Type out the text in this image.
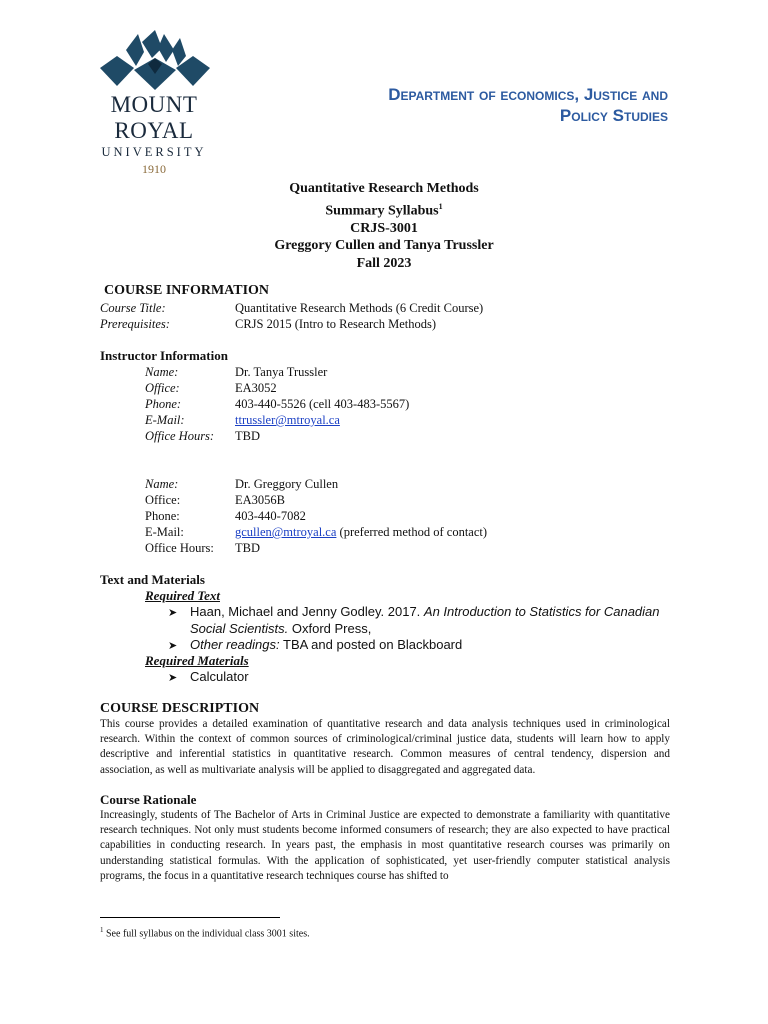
MOUNT ROYAL
UNIVERSITY
1910
Department of economics, Justice and
Policy Studies
Quantitative Research Methods
Summary Syllabus$^1$
CRJS-3001
Greggory Cullen and Tanya Trussler
Fall 2023
COURSE INFORMATION
Course Title:	Quantitative Research Methods (6 Credit Course)
Prerequisites:	CRJS 2015 (Intro to Research Methods)
Instructor Information
Name:	Dr. Tanya Trussler
Office:	EA3052
Phone:	403-440-5526 (cell 403-483-5567)
E-Mail:	ttrussler@mtroyal.ca
Office Hours: TBD
Name:	Dr. Greggory Cullen
Office:	EA3056B
Phone:	403-440-7082
E-Mail:	gcullen@mtroyal.ca (preferred method of contact)
Office Hours: TBD
Text and Materials
Required Text
➤ Haan, Michael and Jenny Godley. 2017. An Introduction to Statistics for Canadian
Social Scientists. Oxford Press,
➤ Other readings: TBA and posted on Blackboard
Required Materials
➤ Calculator
COURSE DESCRIPTION
This course provides a detailed examination of quantitative research and data analysis techniques used in criminological research. Within the context of common sources of criminological/criminal justice data, students will learn how to apply descriptive and inferential statistics in quantitative research. Common measures of central tendency, dispersion and association, as well as multivariate analysis will be applied to disaggregated and aggregated data.
Course Rationale
Increasingly, students of The Bachelor of Arts in Criminal Justice are expected to demonstrate a familiarity with quantitative research techniques. Not only must students become informed consumers of research; they are also expected to have practical capabilities in conducting research. In years past, the emphasis in most quantitative research courses was primarily on understanding statistical formulas. With the application of sophisticated, yet user-friendly computer statistical analysis programs, the focus in a quantitative research techniques course has shifted to
$^1$ See full syllabus on the individual class 3001 sites.
